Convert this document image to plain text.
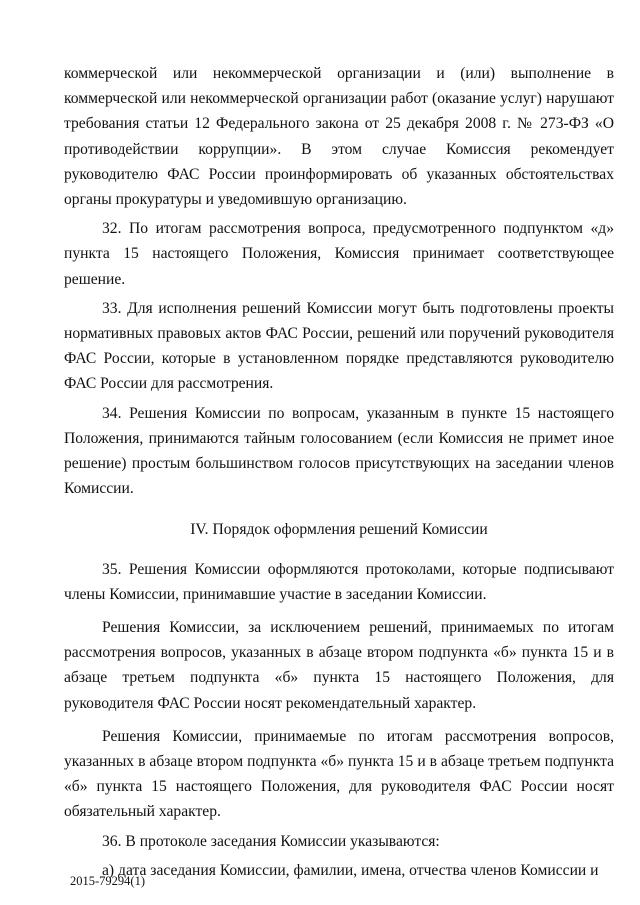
коммерческой или некоммерческой организации и (или) выполнение в коммерческой или некоммерческой организации работ (оказание услуг) нарушают требования статьи 12 Федерального закона от 25 декабря 2008 г. № 273-ФЗ «О противодействии коррупции». В этом случае Комиссия рекомендует руководителю ФАС России проинформировать об указанных обстоятельствах органы прокуратуры и уведомившую организацию.

32. По итогам рассмотрения вопроса, предусмотренного подпунктом «д» пункта 15 настоящего Положения, Комиссия принимает соответствующее решение.

33. Для исполнения решений Комиссии могут быть подготовлены проекты нормативных правовых актов ФАС России, решений или поручений руководителя ФАС России, которые в установленном порядке представляются руководителю ФАС России для рассмотрения.

34. Решения Комиссии по вопросам, указанным в пункте 15 настоящего Положения, принимаются тайным голосованием (если Комиссия не примет иное решение) простым большинством голосов присутствующих на заседании членов Комиссии.

IV. Порядок оформления решений Комиссии

35. Решения Комиссии оформляются протоколами, которые подписывают члены Комиссии, принимавшие участие в заседании Комиссии.

Решения Комиссии, за исключением решений, принимаемых по итогам рассмотрения вопросов, указанных в абзаце втором подпункта «б» пункта 15 и в абзаце третьем подпункта «б» пункта 15 настоящего Положения, для руководителя ФАС России носят рекомендательный характер.

Решения Комиссии, принимаемые по итогам рассмотрения вопросов, указанных в абзаце втором подпункта «б» пункта 15 и в абзаце третьем подпункта «б» пункта 15 настоящего Положения, для руководителя ФАС России носят обязательный характер.

36. В протоколе заседания Комиссии указываются:

а) дата заседания Комиссии, фамилии, имена, отчества членов Комиссии и

2015-79294(1)
